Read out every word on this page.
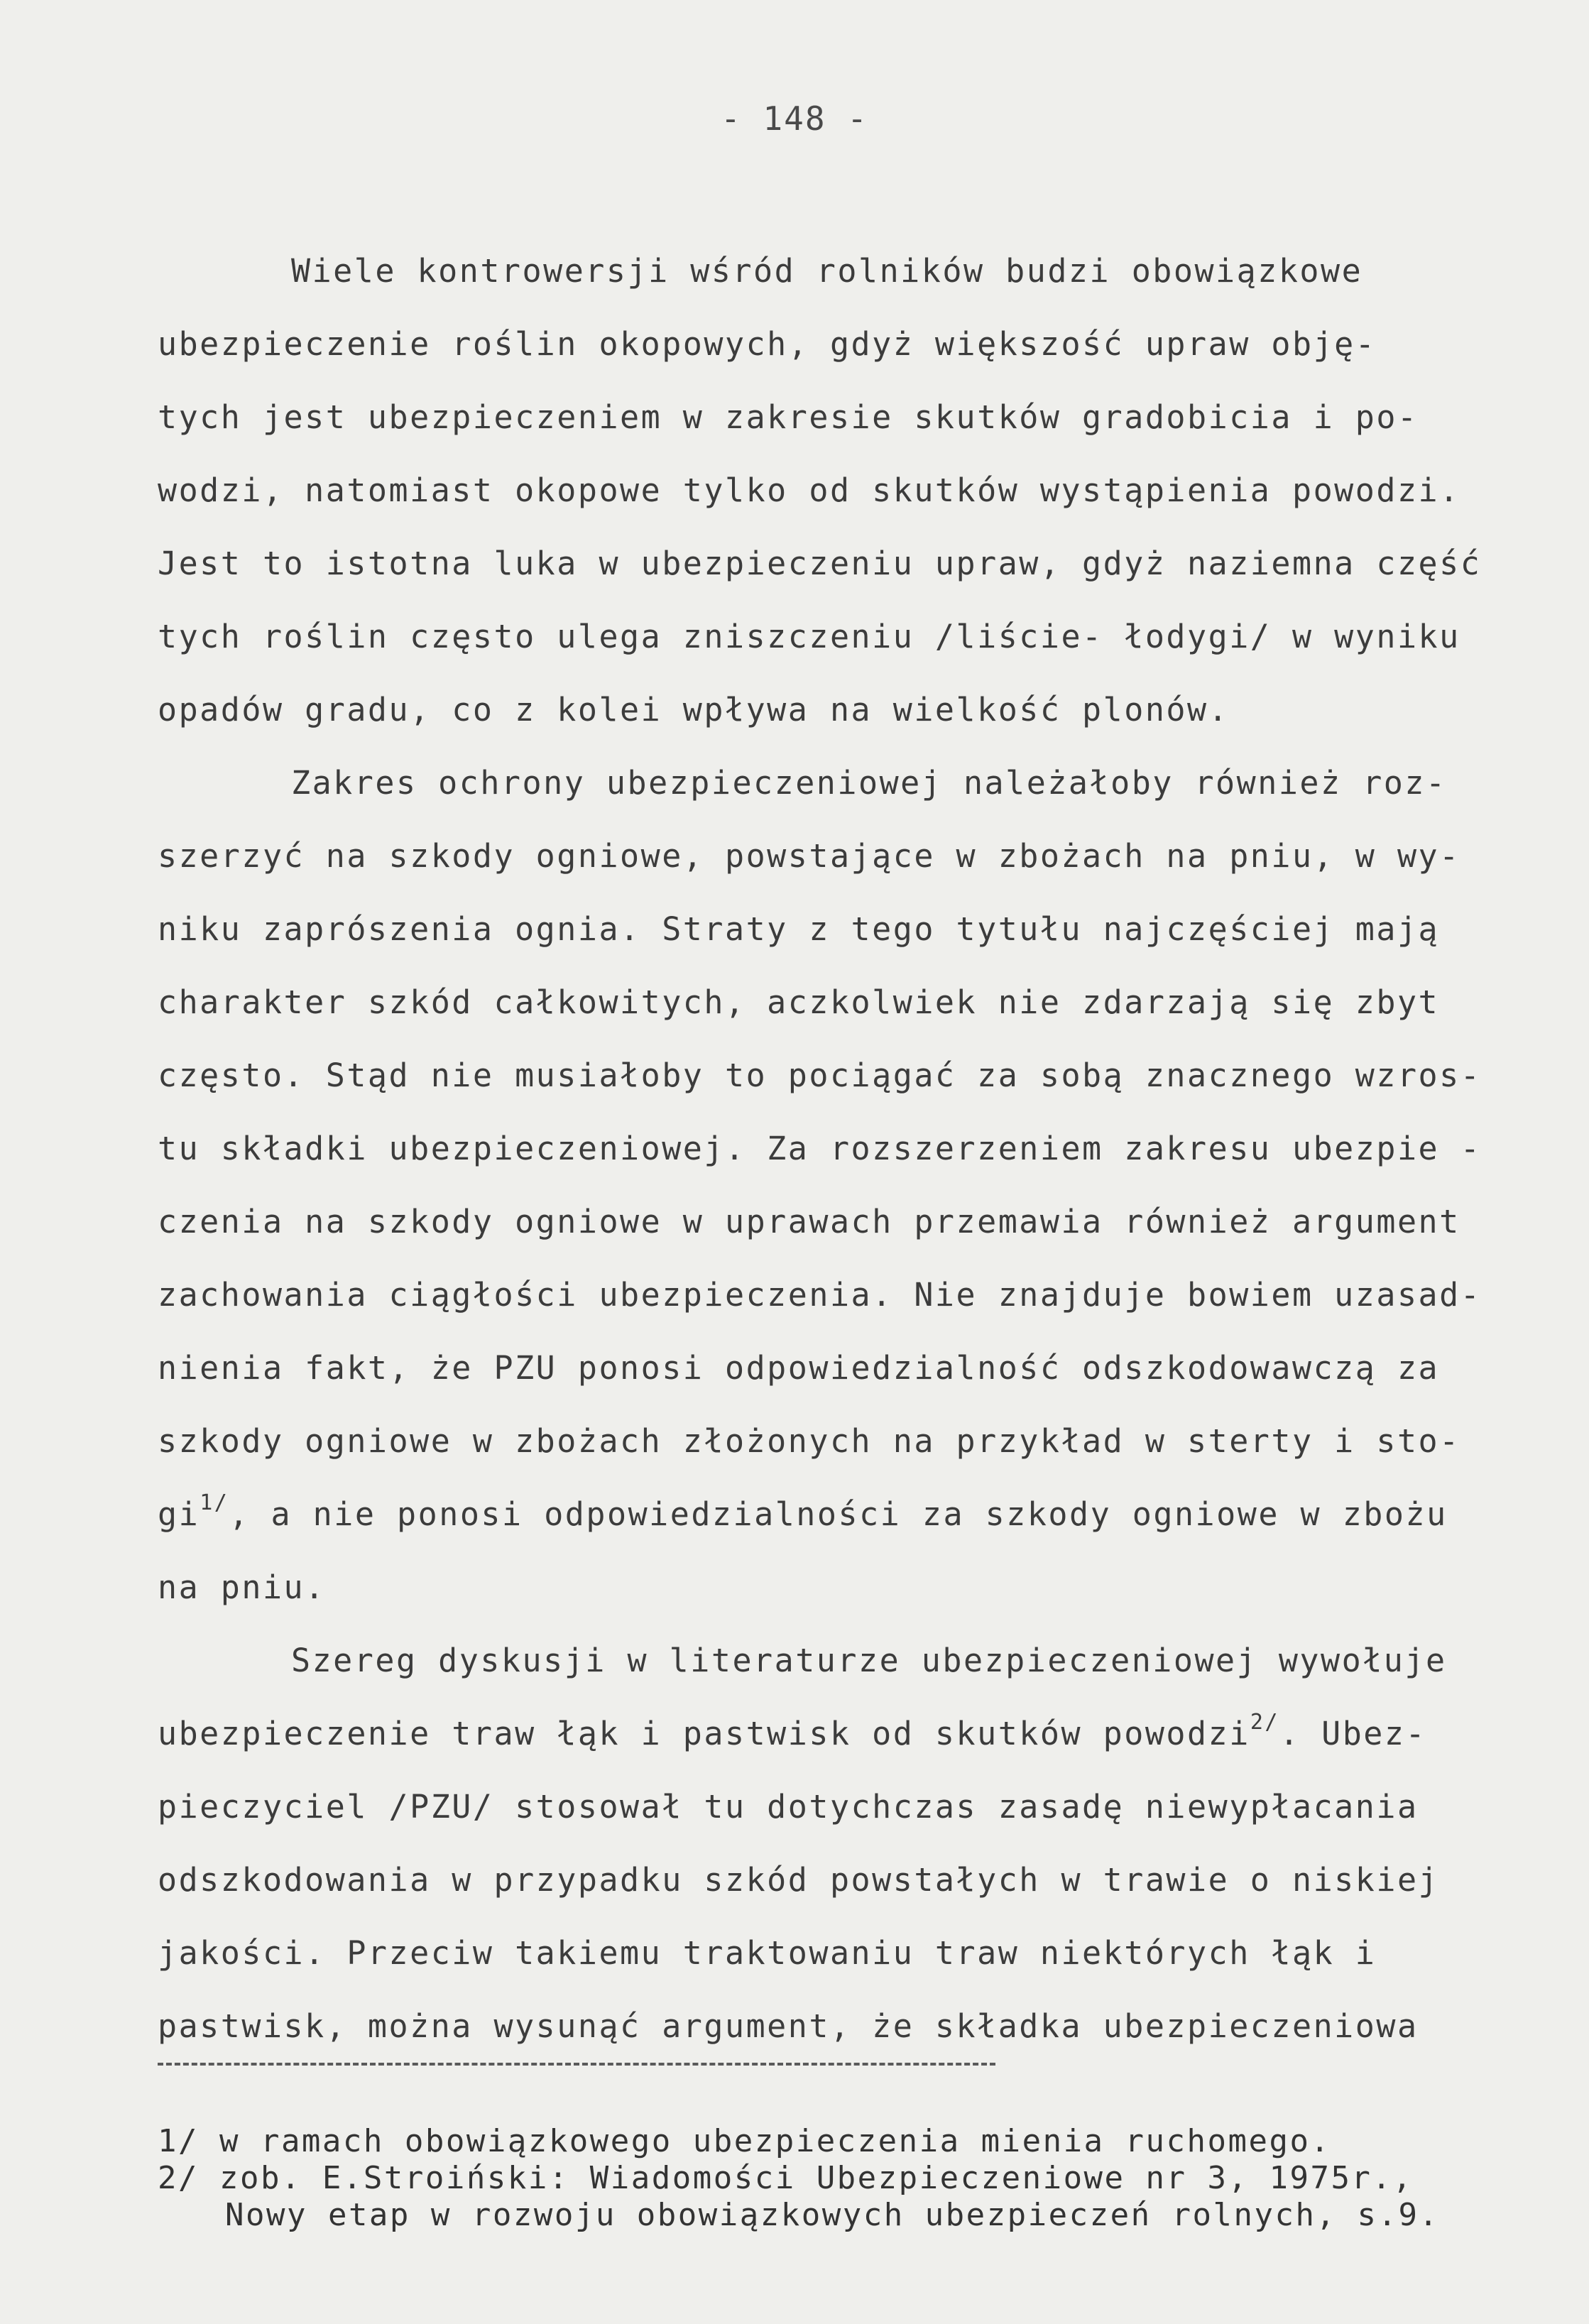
- 148 -
Wiele kontrowersji wśród rolników budzi obowiązkowe
ubezpieczenie roślin okopowych, gdyż większość upraw obję-
tych jest ubezpieczeniem w zakresie skutków gradobicia i po-
wodzi, natomiast okopowe tylko od skutków wystąpienia powodzi.
Jest to istotna luka w ubezpieczeniu upraw, gdyż naziemna część
tych roślin często ulega zniszczeniu /liście- łodygi/ w wyniku
opadów gradu, co z kolei wpływa na wielkość plonów.
Zakres ochrony ubezpieczeniowej należałoby również roz-
szerzyć na szkody ogniowe, powstające w zbożach na pniu, w wy-
niku zaprószenia ognia. Straty z tego tytułu najczęściej mają
charakter szkód całkowitych, aczkolwiek nie zdarzają się zbyt
często. Stąd nie musiałoby to pociągać za sobą znacznego wzros-
tu składki ubezpieczeniowej. Za rozszerzeniem zakresu ubezpie -
czenia na szkody ogniowe w uprawach przemawia również argument
zachowania ciągłości ubezpieczenia. Nie znajduje bowiem uzasad-
nienia fakt, że PZU ponosi odpowiedzialność odszkodowawczą za
szkody ogniowe w zbożach złożonych na przykład w sterty i sto-
$gi^{1/}$, a nie ponosi odpowiedzialności za szkody ogniowe w zbożu
na pniu.
Szereg dyskusji w literaturze ubezpieczeniowej wywołuje
ubezpieczenie traw łąk i pastwisk od skutków powodzi$^{2/}$. Ubez-
pieczyciel /PZU/ stosował tu dotychczas zasadę niewypłacania
odszkodowania w przypadku szkód powstałych w trawie o niskiej
jakości. Przeciw takiemu traktowaniu traw niektórych łąk i
pastwisk, można wysunąć argument, że składka ubezpieczeniowa
1/ w ramach obowiązkowego ubezpieczenia mienia ruchomego.
2/ zob. E.Stroiński: Wiadomości Ubezpieczeniowe nr 3, 1975r.,
Nowy etap w rozwoju obowiązkowych ubezpieczeń rolnych, s.9.
